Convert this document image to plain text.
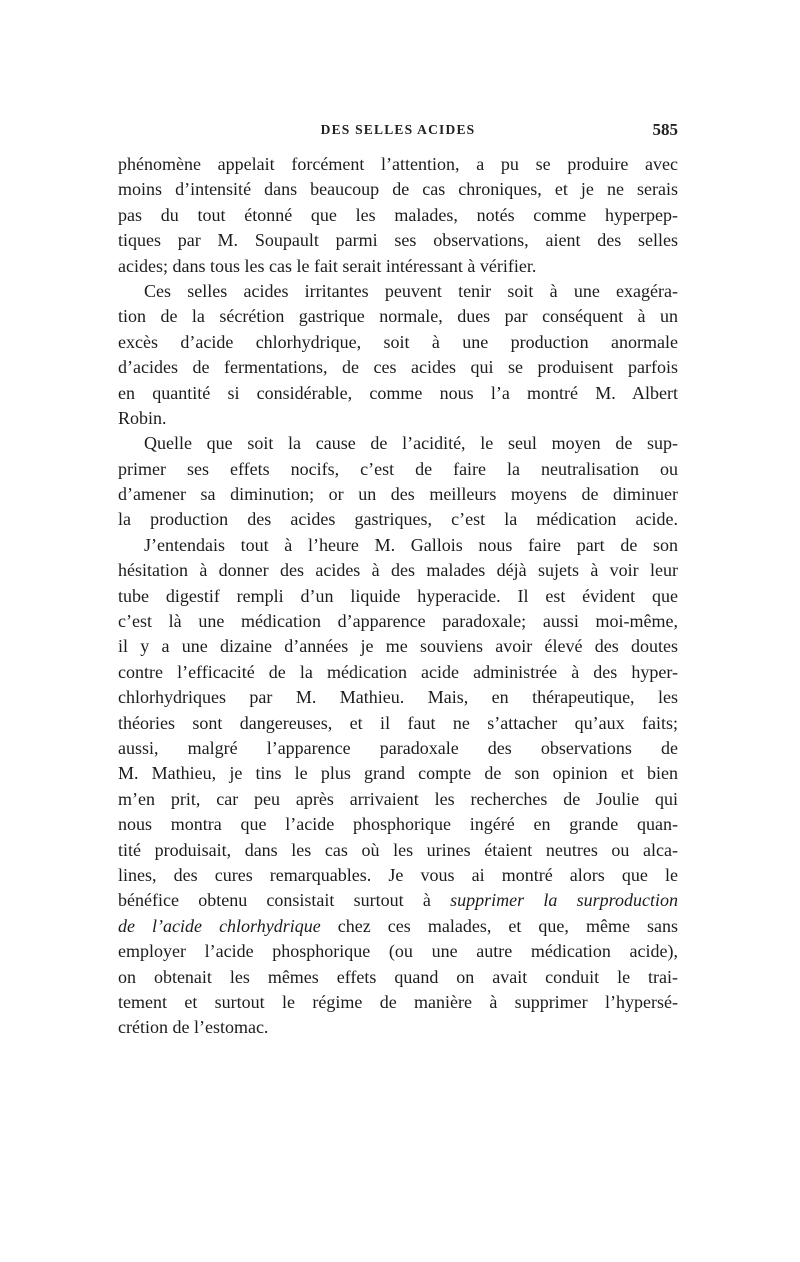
DES SELLES ACIDES	585
phénomène appelait forcément l’attention, a pu se produire avec
moins d’intensité dans beaucoup de cas chroniques, et je ne serais
pas du tout étonné que les malades, notés comme hyperpep-
tiques par M. Soupault parmi ses observations, aient des selles
acides; dans tous les cas le fait serait intéressant à vérifier.
Ces selles acides irritantes peuvent tenir soit à une exagéra-
tion de la sécrétion gastrique normale, dues par conséquent à un
excès d’acide chlorhydrique, soit à une production anormale
d’acides de fermentations, de ces acides qui se produisent parfois
en quantité si considérable, comme nous l’a montré M. Albert
Robin.
Quelle que soit la cause de l’acidité, le seul moyen de sup-
primer ses effets nocifs, c’est de faire la neutralisation ou
d’amener sa diminution; or un des meilleurs moyens de diminuer
la production des acides gastriques, c’est la médication acide.
J’entendais tout à l’heure M. Gallois nous faire part de son
hésitation à donner des acides à des malades déjà sujets à voir leur
tube digestif rempli d’un liquide hyperacide. Il est évident que
c’est là une médication d’apparence paradoxale; aussi moi-même,
il y a une dizaine d’années je me souviens avoir élevé des doutes
contre l’efficacité de la médication acide administrée à des hyper-
chlorhydriques par M. Mathieu. Mais, en thérapeutique, les
théories sont dangereuses, et il faut ne s’attacher qu’aux faits;
aussi, malgré l’apparence paradoxale des observations de
M. Mathieu, je tins le plus grand compte de son opinion et bien
m’en prit, car peu après arrivaient les recherches de Joulie qui
nous montra que l’acide phosphorique ingéré en grande quan-
tité produisait, dans les cas où les urines étaient neutres ou alca-
lines, des cures remarquables. Je vous ai montré alors que le
bénéfice obtenu consistait surtout à supprimer la surproduction
de l’acide chlorhydrique chez ces malades, et que, même sans
employer l’acide phosphorique (ou une autre médication acide),
on obtenait les mêmes effets quand on avait conduit le trai-
tement et surtout le régime de manière à supprimer l’hypersé-
crétion de l’estomac.
